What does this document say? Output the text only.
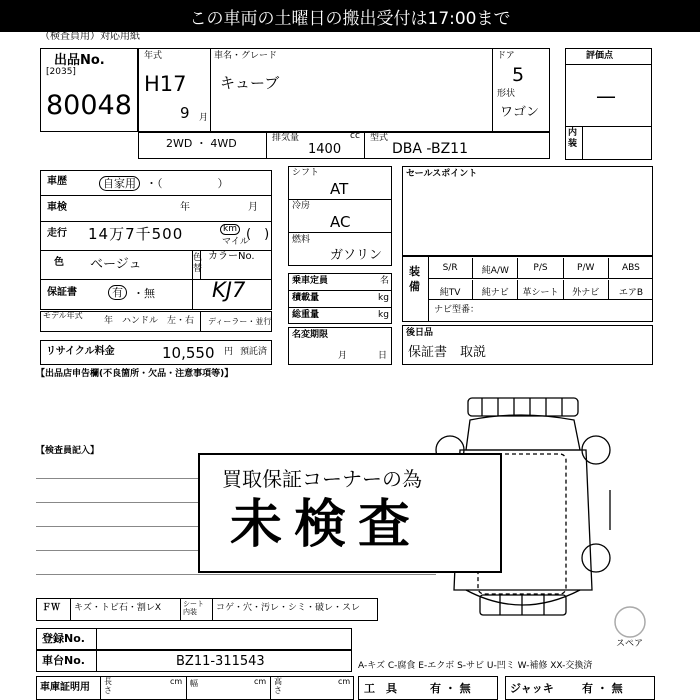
この車両の土曜日の搬出受付は17:00まで
（検査員用）対応用紙
出品No.
[2035]
80048
年式
H17
9 月
車名・グレード
キューブ
ドア
5
形状
ワゴン
評価点
—
内装
2WD ・ 4WD	排気量	cc
1400
型式
DBA -BZ11
車歴	自家用 ・（　　　　　）
車検	年	月
走行 14万7千500	km
マイル
(　)
色 ベージュ	色替
カラーNo.
KJ7
保証書	有 ・無
モデル年式
年 ハンドル　左・右 ディーラー・並行
リサイクル料金	10,550 円 預託済
シフト
AT
冷房
AC
燃料
ガソリン
乗車定員	名
積載量	kg
総重量	kg
名変期限
月	日
セールスポイント
装備
S/R	純A/W	P/S	P/W	ABS
純TV	純ナビ	革シート	外ナビ	エアB
ナビ型番：
後日品
保証書　取説
【出品店申告欄(不良箇所・欠品・注意事項等)】
【検査員記入】
スペア
買取保証コーナーの為
未検査
ＦＷ キズ・トビ石・割レX	シート内装	コゲ・穴・汚レ・シミ・破レ・スレ
登録No.
車台No.	BZ11-311543	A-キズ C-腐食 E-エクボ S-サビ U-凹ミ W-補修 XX-交換済
車庫証明用
長さ
cm 幅	cm 高さ
cm
工　具	有 ・ 無	ジャッキ	有 ・ 無
